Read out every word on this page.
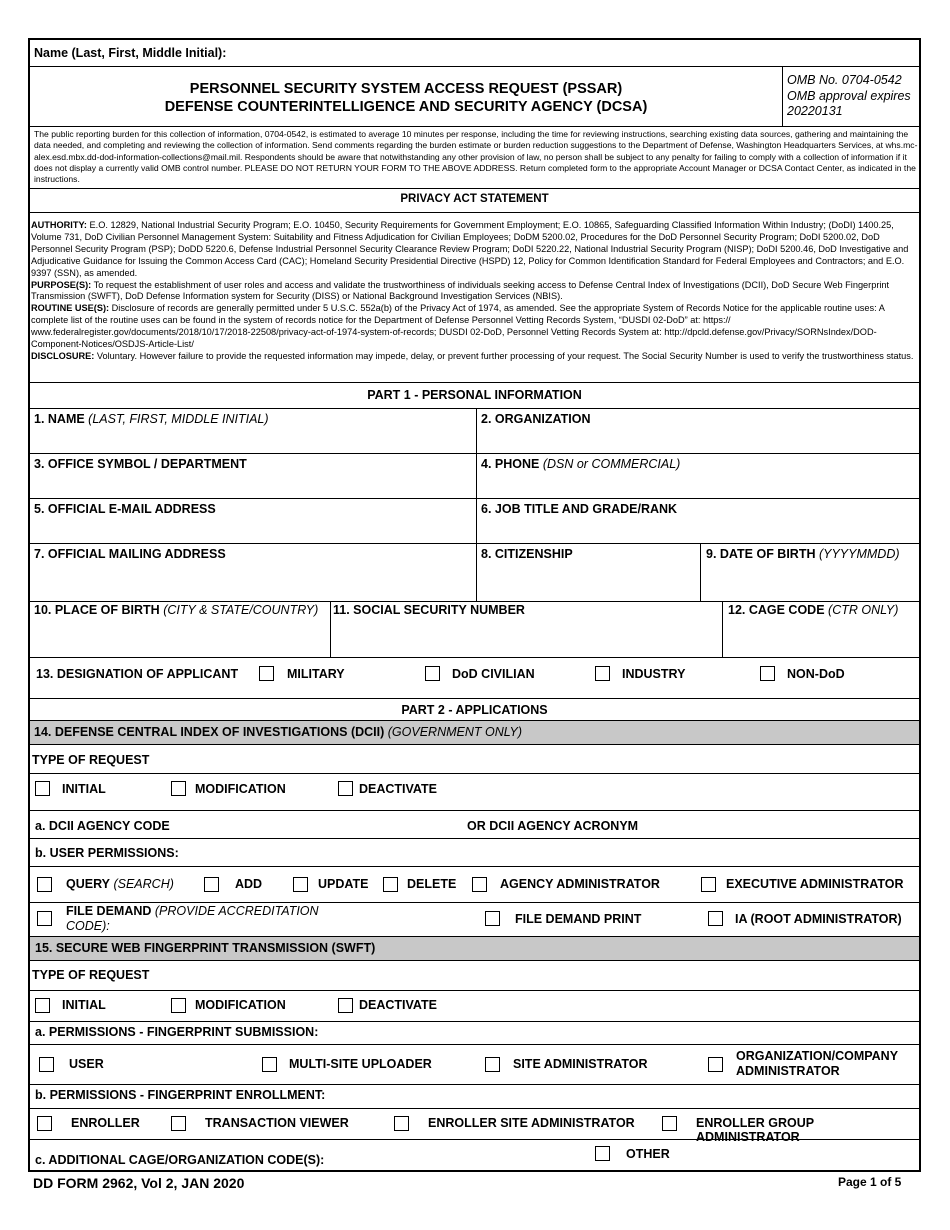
Name (Last, First, Middle Initial):
PERSONNEL SECURITY SYSTEM ACCESS REQUEST (PSSAR)
DEFENSE COUNTERINTELLIGENCE AND SECURITY AGENCY (DCSA)
OMB No. 0704-0542
OMB approval expires
20220131
The public reporting burden for this collection of information, 0704-0542, is estimated to average 10 minutes per response, including the time for reviewing instructions, searching existing data sources, gathering and maintaining the data needed, and completing and reviewing the collection of information. Send comments regarding the burden estimate or burden reduction suggestions to the Department of Defense, Washington Headquarters Services, at whs.mc-alex.esd.mbx.dd-dod-information-collections@mail.mil. Respondents should be aware that notwithstanding any other provision of law, no person shall be subject to any penalty for failing to comply with a collection of information if it does not display a currently valid OMB control number. PLEASE DO NOT RETURN YOUR FORM TO THE ABOVE ADDRESS. Return completed form to the appropriate Account Manager or DCSA Contact Center, as indicated in the instructions.
PRIVACY ACT STATEMENT
AUTHORITY: E.O. 12829, National Industrial Security Program; E.O. 10450, Security Requirements for Government Employment; E.O. 10865, Safeguarding Classified Information Within Industry; (DoDI) 1400.25, Volume 731, DoD Civilian Personnel Management System: Suitability and Fitness Adjudication for Civilian Employees; DoDM 5200.02, Procedures for the DoD Personnel Security Program; DoDI 5200.02, DoD Personnel Security Program (PSP); DoDD 5220.6, Defense Industrial Personnel Security Clearance Review Program; DoDI 5220.22, National Industrial Security Program (NISP); DoDI 5200.46, DoD Investigative and Adjudicative Guidance for Issuing the Common Access Card (CAC); Homeland Security Presidential Directive (HSPD) 12, Policy for Common Identification Standard for Federal Employees and Contractors; and E.O. 9397 (SSN), as amended.
PURPOSE(S): To request the establishment of user roles and access and validate the trustworthiness of individuals seeking access to Defense Central Index of Investigations (DCII), DoD Secure Web Fingerprint Transmission (SWFT), DoD Defense Information system for Security (DISS) or National Background Investigation Services (NBIS).
ROUTINE USE(S): Disclosure of records are generally permitted under 5 U.S.C. 552a(b) of the Privacy Act of 1974, as amended. See the appropriate System of Records Notice for the applicable routine uses: A complete list of the routine uses can be found in the system of records notice for the Department of Defense Personnel Vetting Records System, “DUSDI 02-DoD” at: https:// www.federalregister.gov/documents/2018/10/17/2018-22508/privacy-act-of-1974-system-of-records; DUSDI 02-DoD, Personnel Vetting Records System at: http://dpcld.defense.gov/Privacy/SORNsIndex/DOD-Component-Notices/OSDJS-Article-List/
DISCLOSURE: Voluntary. However failure to provide the requested information may impede, delay, or prevent further processing of your request. The Social Security Number is used to verify the trustworthiness status.
PART 1 - PERSONAL INFORMATION
1. NAME (LAST, FIRST, MIDDLE INITIAL)	2. ORGANIZATION
3. OFFICE SYMBOL / DEPARTMENT	4. PHONE (DSN or COMMERCIAL)
5. OFFICIAL E-MAIL ADDRESS	6. JOB TITLE AND GRADE/RANK
7. OFFICIAL MAILING ADDRESS	8. CITIZENSHIP	9. DATE OF BIRTH (YYYYMMDD)
10. PLACE OF BIRTH (CITY & STATE/COUNTRY) 11. SOCIAL SECURITY NUMBER	12. CAGE CODE (CTR ONLY)
13. DESIGNATION OF APPLICANT	MILITARY	DoD CIVILIAN	INDUSTRY	NON-DoD
PART 2 - APPLICATIONS
14. DEFENSE CENTRAL INDEX OF INVESTIGATIONS (DCII) (GOVERNMENT ONLY)
TYPE OF REQUEST
INITIAL	MODIFICATION	DEACTIVATE
a. DCII AGENCY CODE	OR DCII AGENCY ACRONYM
b. USER PERMISSIONS:
QUERY (SEARCH)	ADD	UPDATE	DELETE	AGENCY ADMINISTRATOR	EXECUTIVE ADMINISTRATOR
FILE DEMAND (PROVIDE ACCREDITATION
CODE):	FILE DEMAND PRINT	IA (ROOT ADMINISTRATOR)
15. SECURE WEB FINGERPRINT TRANSMISSION (SWFT)
TYPE OF REQUEST
INITIAL	MODIFICATION	DEACTIVATE
a. PERMISSIONS - FINGERPRINT SUBMISSION:
USER	MULTI-SITE UPLOADER	SITE ADMINISTRATOR
ORGANIZATION/COMPANY
ADMINISTRATOR
b. PERMISSIONS - FINGERPRINT ENROLLMENT:
ENROLLER	TRANSACTION VIEWER	ENROLLER SITE ADMINISTRATOR	ENROLLER GROUP ADMINISTRATOR
c. ADDITIONAL CAGE/ORGANIZATION CODE(S):	OTHER
DD FORM 2962, Vol 2, JAN 2020	Page 1 of 5
